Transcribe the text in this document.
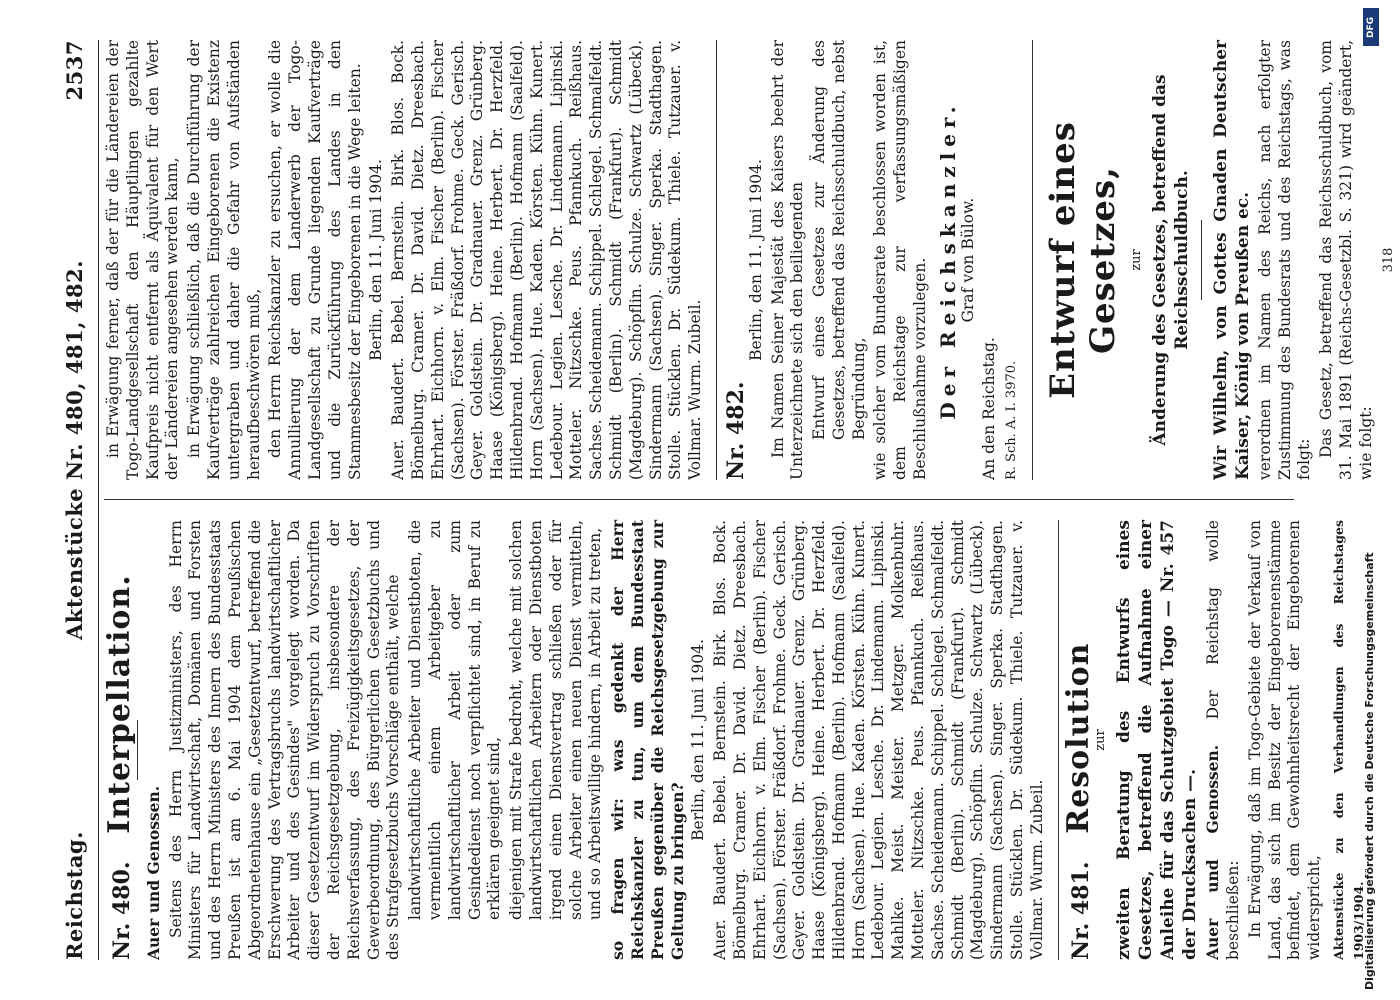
Reichstag.
Aktenstücke Nr. 480, 481, 482.
2537
Nr. 480. Interpellation.

Auer und Genossen. Seitens des Herrn Justizministers, des Herrn Ministers für Landwirtschaft, Domänen und Forsten und des Herrn Ministers des Innern des Bundesstaats Preußen ist am 6. Mai 1904 dem Preußischen Abgeordnetenhause ein „Gesetzentwurf, betreffend die Erschwerung des Vertragsbruchs landwirtschaftlicher Arbeiter und des Gesindes" vorgelegt worden. Da dieser Gesetzentwurf im Widerspruch zu Vorschriften der Reichsgesetzgebung, insbesondere der Reichsverfassung, des Freizügigkeitsgesetzes, der Gewerbeordnung, des Bürgerlichen Gesetzbuchs und des Strafgesetzbuchs Vorschläge enthält, welche landwirtschaftliche Arbeiter und Dienstboten, die vermeintlich einem Arbeitgeber zu landwirtschaftlicher Arbeit oder zum Gesindedienst noch verpflichtet sind, in Beruf zu erklären geeignet sind, diejenigen mit Strafe bedroht, welche mit solchen landwirtschaftlichen Arbeitern oder Dienstboten irgend einen Dienstvertrag schließen oder für solche Arbeiter einen neuen Dienst vermitteln, und so Arbeitswillige hindern, in Arbeit zu treten, so fragen wir: was gedenkt der Herr Reichskanzler zu tun, um dem Bundesstaat Preußen gegenüber die Reichsgesetzgebung zur Geltung zu bringen?

Berlin, den 11. Juni 1904. Auer. Baudert. Bebel. Bernstein. Birk. Blos. Bock. Bömelburg. Cramer. Dr. David. Dietz. Dreesbach. Ehrhart. Eichhorn. v. Elm. Fischer (Berlin). Fischer (Sachsen). Förster. Fräßdorf. Frohme. Geck. Gerisch. Geyer. Goldstein. Dr. Gradnauer. Grenz. Grünberg. Haase (Königsberg). Heine. Herbert. Dr. Herzfeld. Hildenbrand. Hofmann (Berlin). Hofmann (Saalfeld). Horn (Sachsen). Hue. Kaden. Körsten. Kühn. Kunert. Ledebour. Legien. Lesche. Dr. Lindemann. Lipinski. Mahlke. Meist. Meister. Metzger. Molkenbuhr. Motteler. Nitzschke. Peus. Pfannkuch. Reißhaus. Sachse. Scheidemann. Schippel. Schlegel. Schmalfeldt. Schmidt (Berlin). Schmidt (Frankfurt). Schmidt (Magdeburg). Schöpflin. Schulze. Schwartz (Lübeck). Sindermann (Sachsen). Singer. Sperka. Stadthagen. Stolle. Stücklen. Dr. Südekum. Thiele. Tutzauer. v. Vollmar. Wurm. Zubeil. Nr. 481. Resolution

zur zweiten Beratung des Entwurfs eines Gesetzes, betreffend die Aufnahme einer Anleihe für das Schutzgebiet Togo — Nr. 457 der Drucksachen —. Auer und Genossen. Der Reichstag wolle beschließen: In Erwägung, daß im Togo-Gebiete der Verkauf von Land, das sich im Besitz der Eingeborenenstämme befindet, dem Gewohnheitsrecht der Eingeborenen widerspricht, Aktenstücke zu den Verhandlungen des Reichstages 1903/1904.

in Erwägung ferner, daß der für die Ländereien der Togo-Landgesellschaft den Häuptlingen gezahlte Kaufpreis nicht entfernt als Äquivalent für den Wert der Ländereien angesehen werden kann, in Erwägung schließlich, daß die Durchführung der Kaufverträge zahlreichen Eingeborenen die Existenz untergraben und daher die Gefahr von Aufständen heraufbeschwören muß, den Herrn Reichskanzler zu ersuchen, er wolle die Annullierung der dem Landerwerb der Togo-Landgesellschaft zu Grunde liegenden Kaufverträge und die Zurückführung des Landes in den Stammesbesitz der Eingeborenen in die Wege leiten. Berlin, den 11. Juni 1904. Auer. Baudert. Bebel. Bernstein. Birk. Blos. Bock. Bömelburg. Cramer. Dr. David. Dietz. Dreesbach. Ehrhart. Eichhorn. v. Elm. Fischer (Berlin). Fischer (Sachsen). Förster. Fräßdorf. Frohme. Geck. Gerisch. Geyer. Goldstein. Dr. Gradnauer. Grenz. Grünberg. Haase (Königsberg). Heine. Herbert. Dr. Herzfeld. Hildenbrand. Hofmann (Berlin). Hofmann (Saalfeld). Horn (Sachsen). Hue. Kaden. Körsten. Kühn. Kunert. Ledebour. Legien. Lesche. Dr. Lindemann. Lipinski. Motteler. Nitzschke. Peus. Pfannkuch. Reißhaus. Sachse. Scheidemann. Schippel. Schlegel. Schmalfeldt. Schmidt (Berlin). Schmidt (Frankfurt). Schmidt (Magdeburg). Schöpflin. Schulze. Schwartz (Lübeck). Sindermann (Sachsen). Singer. Sperka. Stadthagen. Stolle. Stücklen. Dr. Südekum. Thiele. Tutzauer. v. Vollmar. Wurm. Zubeil. Nr. 482.

Berlin, den 11. Juni 1904. Im Namen Seiner Majestät des Kaisers beehrt der Unterzeichnete sich den beiliegenden Entwurf eines Gesetzes zur Änderung des Gesetzes, betreffend das Reichsschuldbuch, nebst Begründung, wie solcher vom Bundesrate beschlossen worden ist, dem Reichstage zur verfassungsmäßigen Beschlußnahme vorzulegen. Der Reichskanzler.

Graf von Bülow.

An den Reichstag. R. Sch. A. I. 3970.

Entwurf eines Gesetzes, zur Änderung des Gesetzes, betreffend das Reichsschuldbuch. Wir Wilhelm, von Gottes Gnaden Deutscher Kaiser, König von Preußen ec. verordnen im Namen des Reichs, nach erfolgter Zustimmung des Bundesrats und des Reichstags, was folgt:

Das Gesetz, betreffend das Reichsschuldbuch, vom 31. Mai 1891 (Reichs-Gesetzbl. S. 321) wird geändert, wie folgt:

318

Digitalisierung gefördert durch die Deutsche Forschungsgemeinschaft
DFG
